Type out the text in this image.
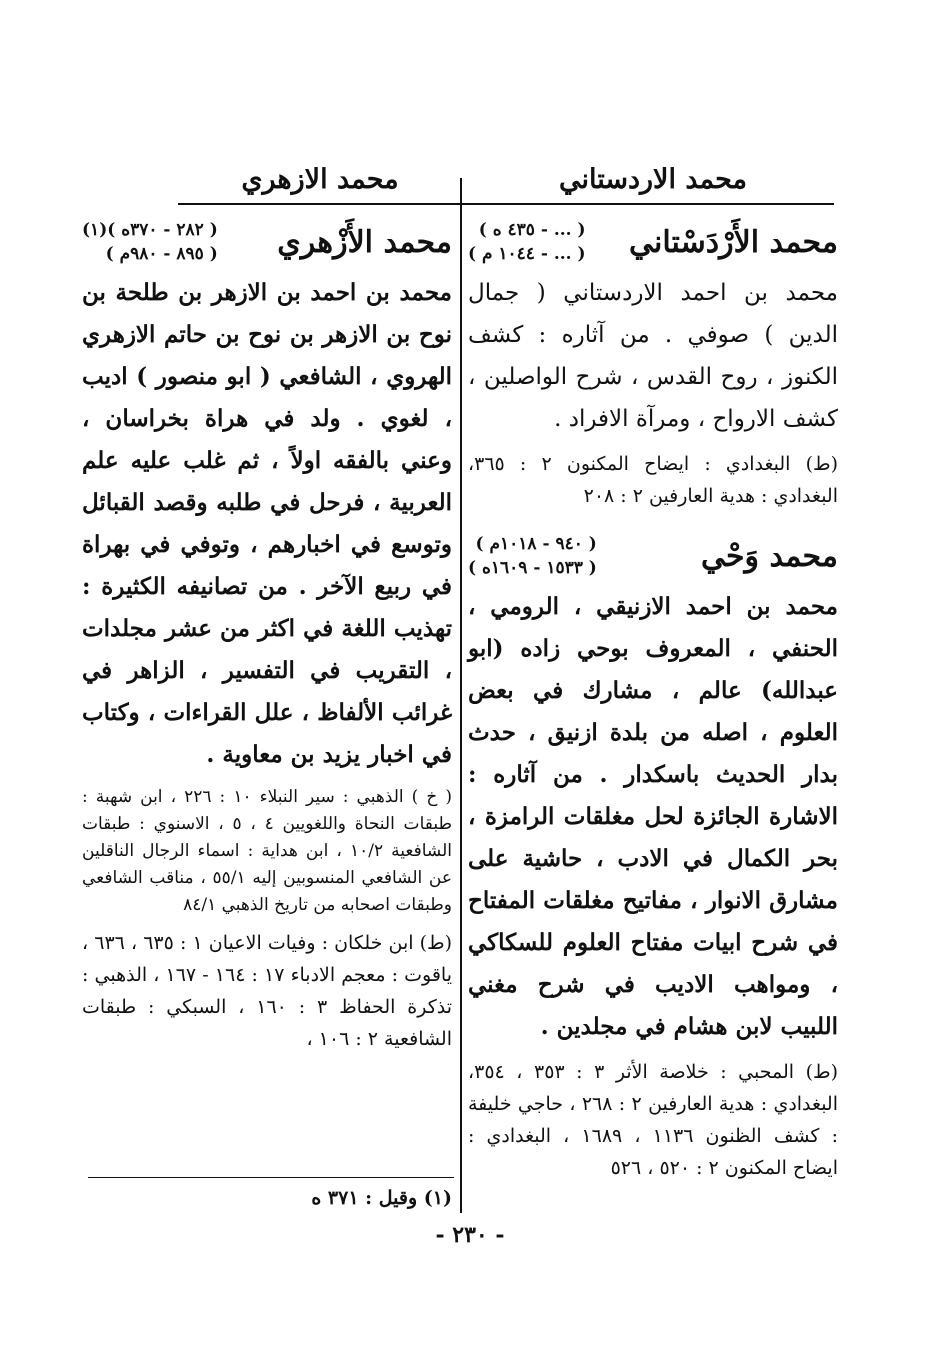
محمد الاردستاني
محمد الازهري
محمد الأَرْدَسْتاني
( ... - ٤٣٥ ه )
( ... - ١٠٤٤ م )

محمد بن احمد الاردستاني ( جمال الدين ) صوفي . من آثاره : كشف الكنوز ، روح القدس ، شرح الواصلين ، كشف الارواح ، ومرآة الافراد .

(ط) البغدادي : ايضاح المكنون ٢ : ٣٦٥، البغدادي : هدية العارفين ٢ : ٢٠٨

محمد وَحْي
( ٩٤٠ - ١٠١٨م )
( ١٥٣٣ - ١٦٠٩ه )

محمد بن احمد الازنيقي ، الرومي ، الحنفي ، المعروف بوحي زاده (ابو عبدالله) عالم ، مشارك في بعض العلوم ، اصله من بلدة ازنيق ، حدث بدار الحديث باسكدار . من آثاره : الاشارة الجائزة لحل مغلقات الرامزة ، بحر الكمال في الادب ، حاشية على مشارق الانوار ، مفاتيح مغلقات المفتاح في شرح ابيات مفتاح العلوم للسكاكي ، ومواهب الاديب في شرح مغني اللبيب لابن هشام في مجلدين .

(ط) المحبي : خلاصة الأثر ٣ : ٣٥٣ ، ٣٥٤، البغدادي : هدية العارفين ٢ : ٢٦٨ ، حاجي خليفة : كشف الظنون ١١٣٦ ، ١٦٨٩ ، البغدادي : ايضاح المكنون ٢ : ٥٢٠ ، ٥٢٦

محمد الأَزْهري
( ٢٨٢ - ٣٧٠ه )(١)
( ٨٩٥ - ٩٨٠م )

محمد بن احمد بن الازهر بن طلحة بن نوح بن الازهر بن نوح بن حاتم الازهري الهروي ، الشافعي ( ابو منصور ) اديب ، لغوي . ولد في هراة بخراسان ، وعني بالفقه اولاً ، ثم غلب عليه علم العربية ، فرحل في طلبه وقصد القبائل وتوسع في اخبارهم ، وتوفي في بهراة في ربيع الآخر . من تصانيفه الكثيرة : تهذيب اللغة في اكثر من عشر مجلدات ، التقريب في التفسير ، الزاهر في غرائب الألفاظ ، علل القراءات ، وكتاب في اخبار يزيد بن معاوية .

( خ ) الذهبي : سير النبلاء ١٠ : ٢٢٦ ، ابن شهبة : طبقات النحاة واللغويين ٤ ، ٥ ، الاسنوي : طبقات الشافعية ١٠/٢ ، ابن هداية : اسماء الرجال الناقلين عن الشافعي المنسوبين إليه ٥٥/١ ، مناقب الشافعي وطبقات اصحابه من تاريخ الذهبي ٨٤/١

(ط) ابن خلكان : وفيات الاعيان ١ : ٦٣٥ ، ٦٣٦ ، ياقوت : معجم الادباء ١٧ : ١٦٤ - ١٦٧ ، الذهبي : تذكرة الحفاظ ٣ : ١٦٠ ، السبكي : طبقات الشافعية ٢ : ١٠٦ ،

(١) وقيل : ٣٧١ ه
- ٢٣٠ -
